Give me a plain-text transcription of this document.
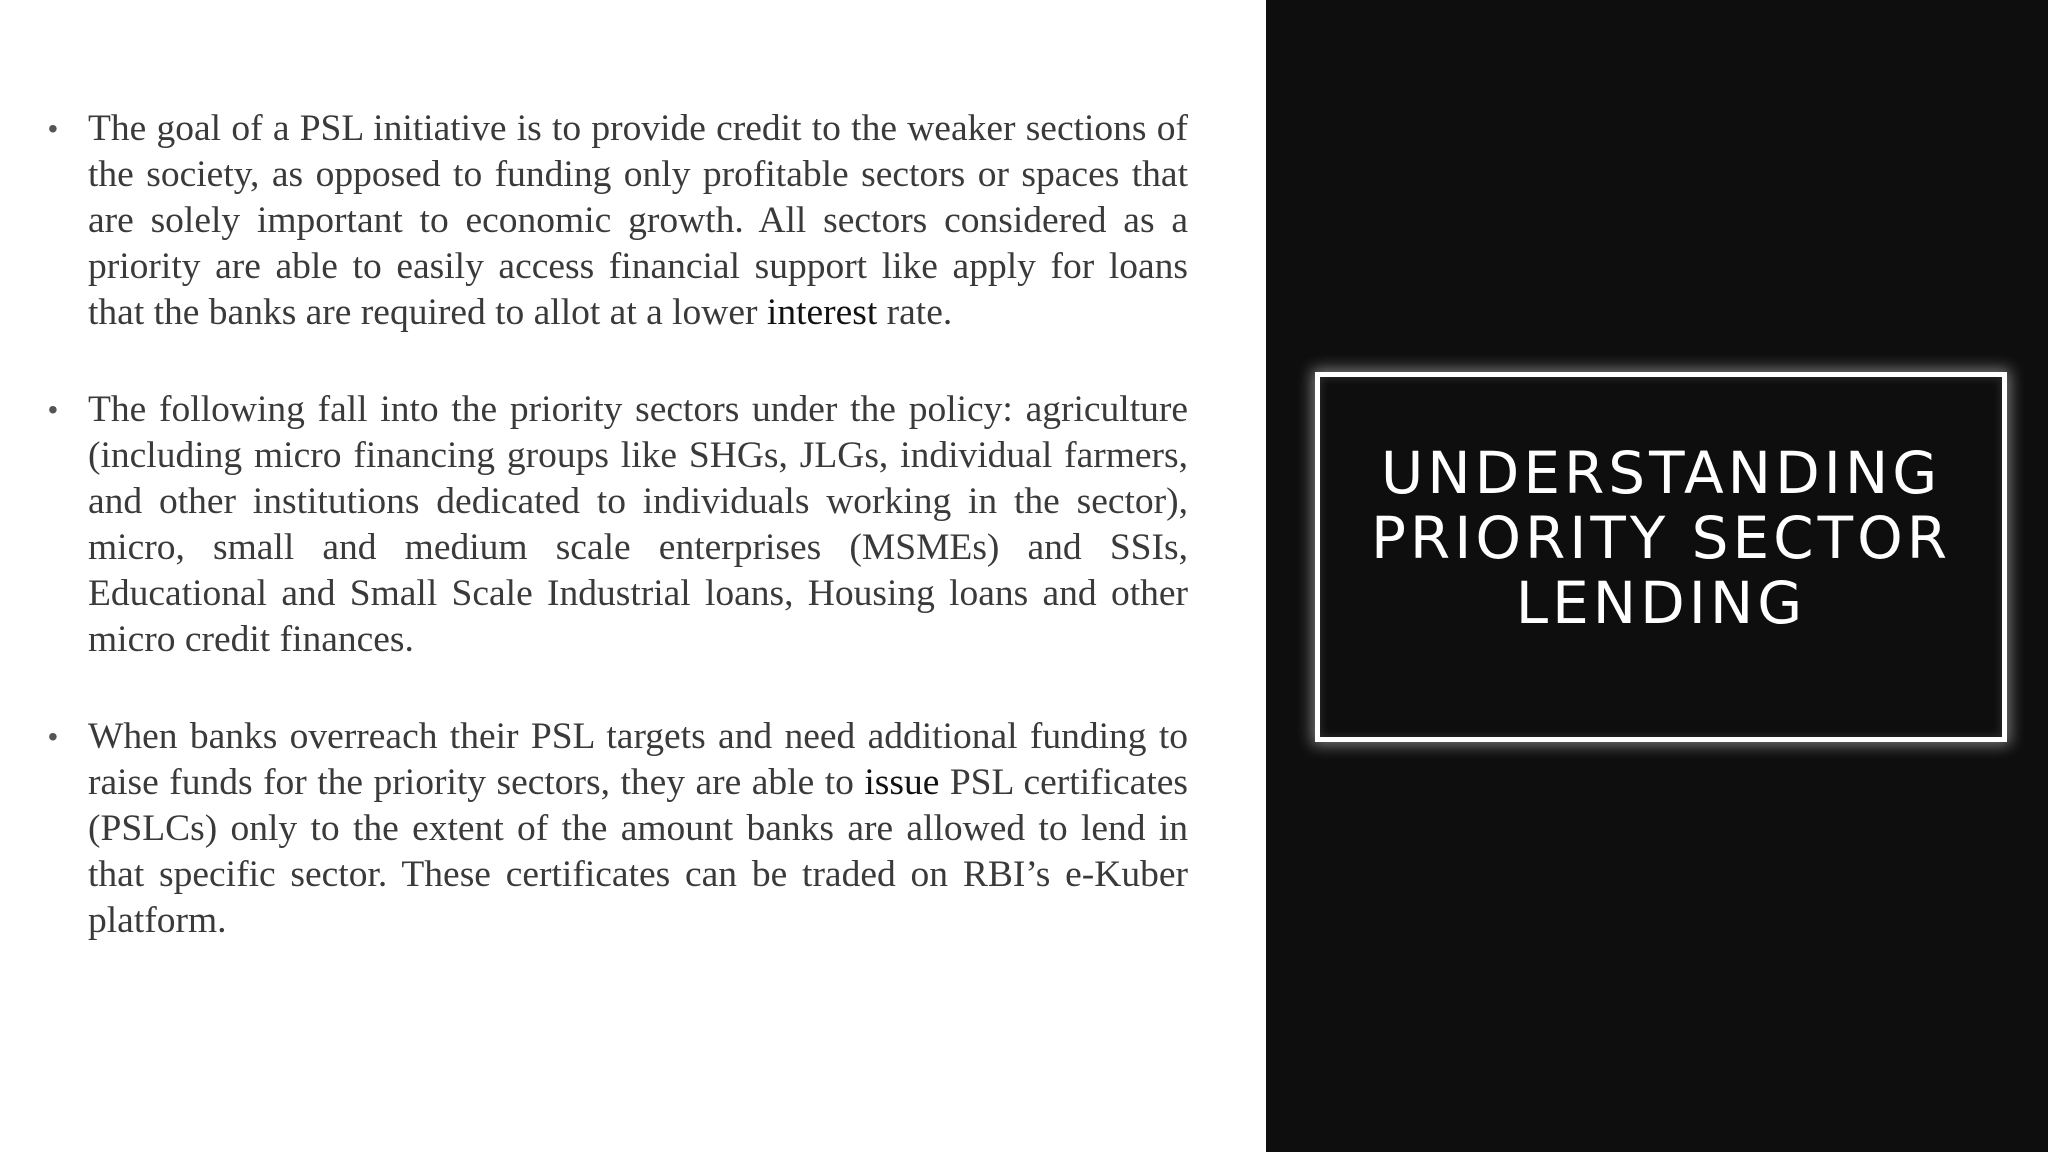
• The goal of a PSL initiative is to provide credit to the weaker sections of the society, as opposed to funding only profitable sectors or spaces that are solely important to economic growth. All sectors considered as a priority are able to easily access financial support like apply for loans that the banks are required to allot at a lower interest rate.
• The following fall into the priority sectors under the policy: agriculture (including micro financing groups like SHGs, JLGs, individual farmers, and other institutions dedicated to individuals working in the sector), micro, small and medium scale enterprises (MSMEs) and SSIs, Educational and Small Scale Industrial loans, Housing loans and other micro credit finances.
• When banks overreach their PSL targets and need additional funding to raise funds for the priority sectors, they are able to issue PSL certificates (PSLCs) only to the extent of the amount banks are allowed to lend in that specific sector. These certificates can be traded on RBI’s e-Kuber platform.
UNDERSTANDING PRIORITY SECTOR LENDING
